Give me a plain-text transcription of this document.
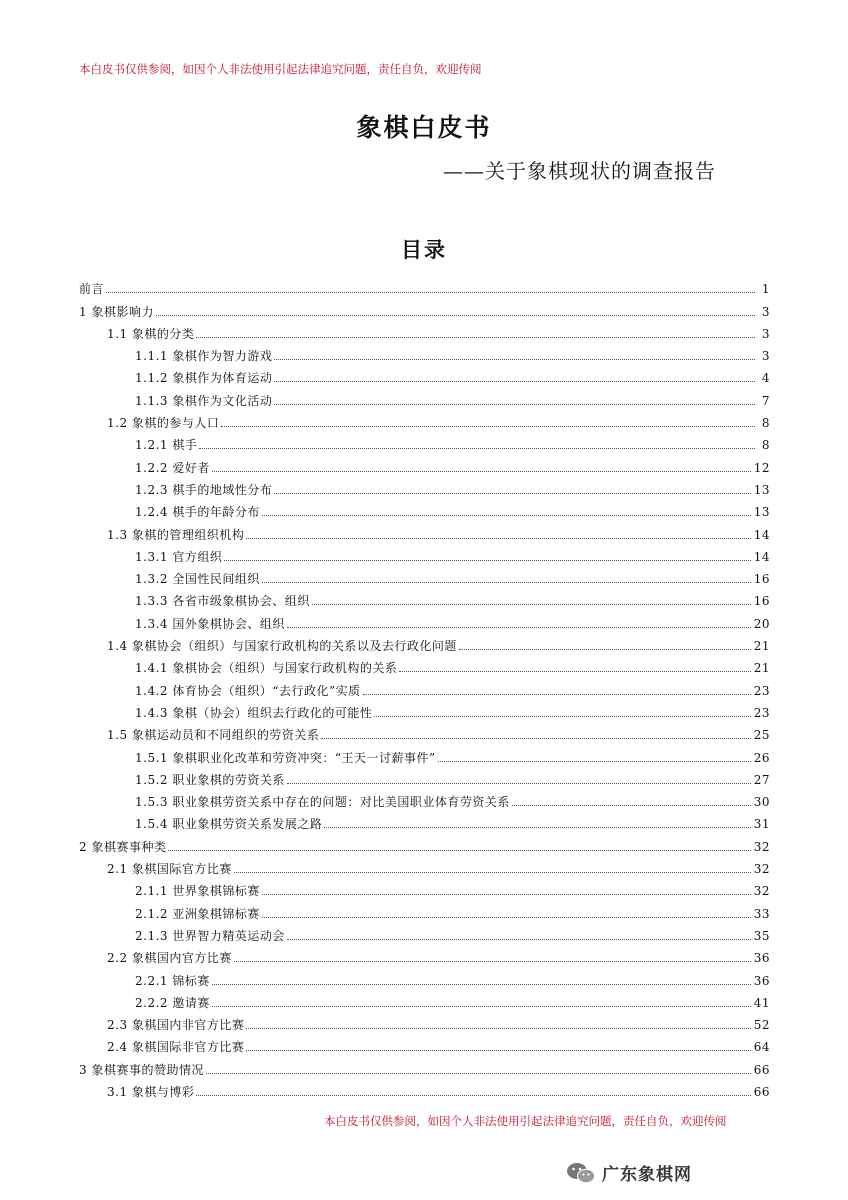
本白皮书仅供参阅，如因个人非法使用引起法律追究问题，责任自负，欢迎传阅
象棋白皮书
——关于象棋现状的调查报告
目录
前言	1
1 象棋影响力	3
1.1 象棋的分类	3
1.1.1 象棋作为智力游戏	3
1.1.2 象棋作为体育运动	4
1.1.3 象棋作为文化活动	7
1.2 象棋的参与人口	8
1.2.1 棋手	8
1.2.2 爱好者	12
1.2.3 棋手的地域性分布	13
1.2.4 棋手的年龄分布	13
1.3 象棋的管理组织机构	14
1.3.1 官方组织	14
1.3.2 全国性民间组织	16
1.3.3 各省市级象棋协会、组织	16
1.3.4 国外象棋协会、组织	20
1.4 象棋协会（组织）与国家行政机构的关系以及去行政化问题	21
1.4.1 象棋协会（组织）与国家行政机构的关系	21
1.4.2 体育协会（组织）“去行政化”实质	23
1.4.3 象棋（协会）组织去行政化的可能性	23
1.5 象棋运动员和不同组织的劳资关系	25
1.5.1 象棋职业化改革和劳资冲突：“王天一讨薪事件”	26
1.5.2 职业象棋的劳资关系	27
1.5.3 职业象棋劳资关系中存在的问题：对比美国职业体育劳资关系	30
1.5.4 职业象棋劳资关系发展之路	31
2 象棋赛事种类	32
2.1 象棋国际官方比赛	32
2.1.1 世界象棋锦标赛	32
2.1.2 亚洲象棋锦标赛	33
2.1.3 世界智力精英运动会	35
2.2 象棋国内官方比赛	36
2.2.1 锦标赛	36
2.2.2 邀请赛	41
2.3 象棋国内非官方比赛	52
2.4 象棋国际非官方比赛	64
3 象棋赛事的赞助情况	66
3.1 象棋与博彩	66
本白皮书仅供参阅，如因个人非法使用引起法律追究问题，责任自负，欢迎传阅
广东象棋网
